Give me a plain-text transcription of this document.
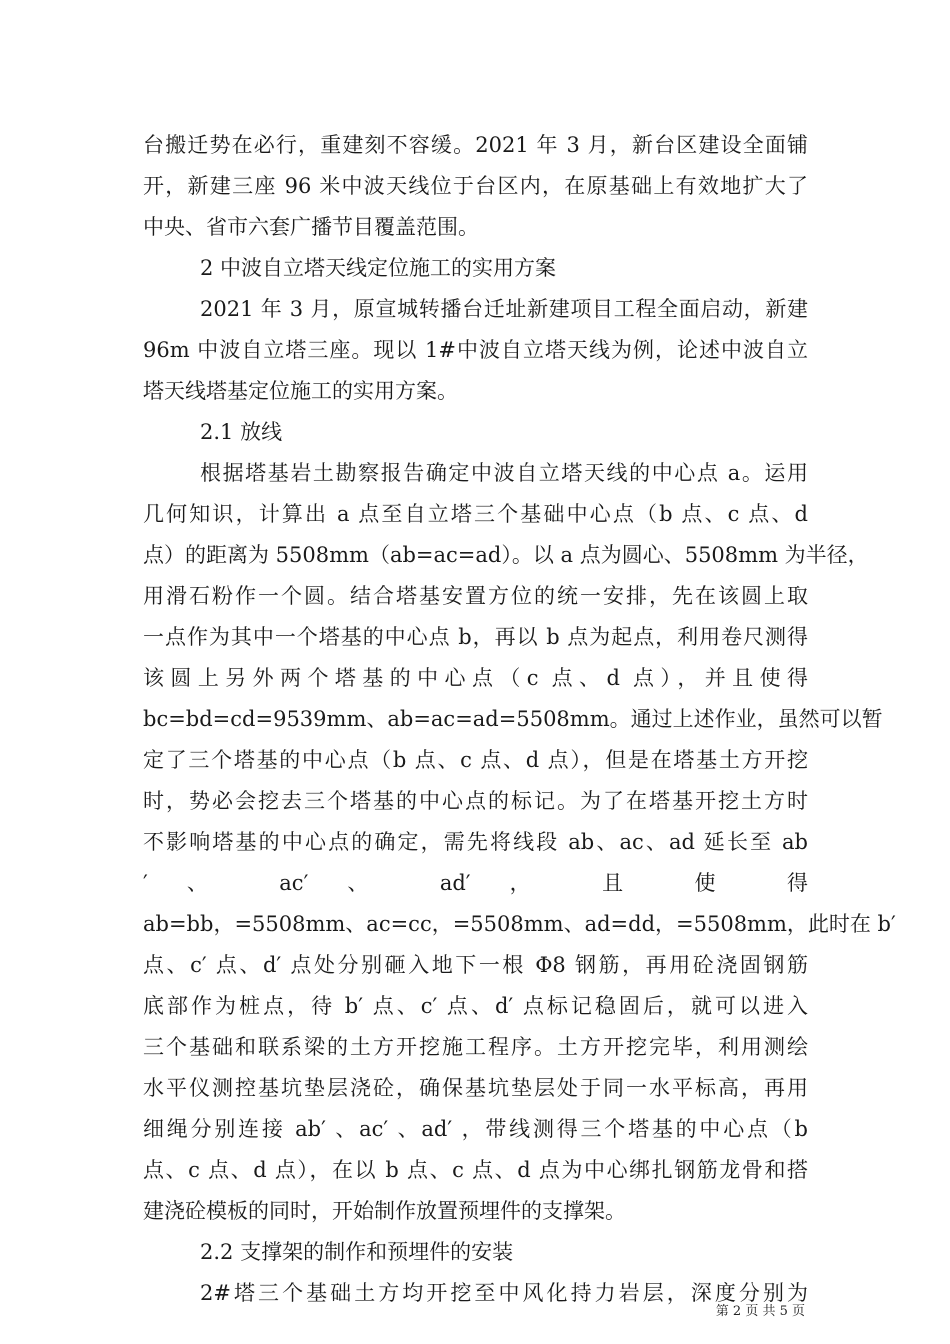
台搬迁势在必行，重建刻不容缓。2021 年 3 月，新台区建设全面铺
开，新建三座 96 米中波天线位于台区内，在原基础上有效地扩大了
中央、省市六套广播节目覆盖范围。
2 中波自立塔天线定位施工的实用方案
2021 年 3 月，原宣城转播台迁址新建项目工程全面启动，新建
96m 中波自立塔三座。现以 1#中波自立塔天线为例，论述中波自立
塔天线塔基定位施工的实用方案。
2.1 放线
根据塔基岩土勘察报告确定中波自立塔天线的中心点 a。运用
几何知识，计算出 a 点至自立塔三个基础中心点（b 点、c 点、d
点）的距离为 5508mm（ab=ac=ad）。以 a 点为圆心、5508mm 为半径，
用滑石粉作一个圆。结合塔基安置方位的统一安排，先在该圆上取
一点作为其中一个塔基的中心点 b，再以 b 点为起点，利用卷尺测得
该圆上另外两个塔基的中心点（c 点、d 点），并且使得
bc=bd=cd=9539mm、ab=ac=ad=5508mm。通过上述作业，虽然可以暂
定了三个塔基的中心点（b 点、c 点、d 点），但是在塔基土方开挖
时，势必会挖去三个塔基的中心点的标记。为了在塔基开挖土方时
不影响塔基的中心点的确定，需先将线段 ab、ac、ad 延长至 ab
′ 、 ac′ 、 ad′ ， 且 使 得
ab=bb，=5508mm、ac=cc，=5508mm、ad=dd，=5508mm，此时在 b′
点、c′ 点、d′ 点处分别砸入地下一根 Φ8 钢筋，再用砼浇固钢筋
底部作为桩点，待 b′ 点、c′ 点、d′ 点标记稳固后，就可以进入
三个基础和联系梁的土方开挖施工程序。土方开挖完毕，利用测绘
水平仪测控基坑垫层浇砼，确保基坑垫层处于同一水平标高，再用
细绳分别连接 ab′ 、ac′ 、ad′ ，带线测得三个塔基的中心点（b
点、c 点、d 点），在以 b 点、c 点、d 点为中心绑扎钢筋龙骨和搭
建浇砼模板的同时，开始制作放置预埋件的支撑架。
2.2 支撑架的制作和预埋件的安装
2#塔三个基础土方均开挖至中风化持力岩层，深度分别为
第 2 页 共 5 页
